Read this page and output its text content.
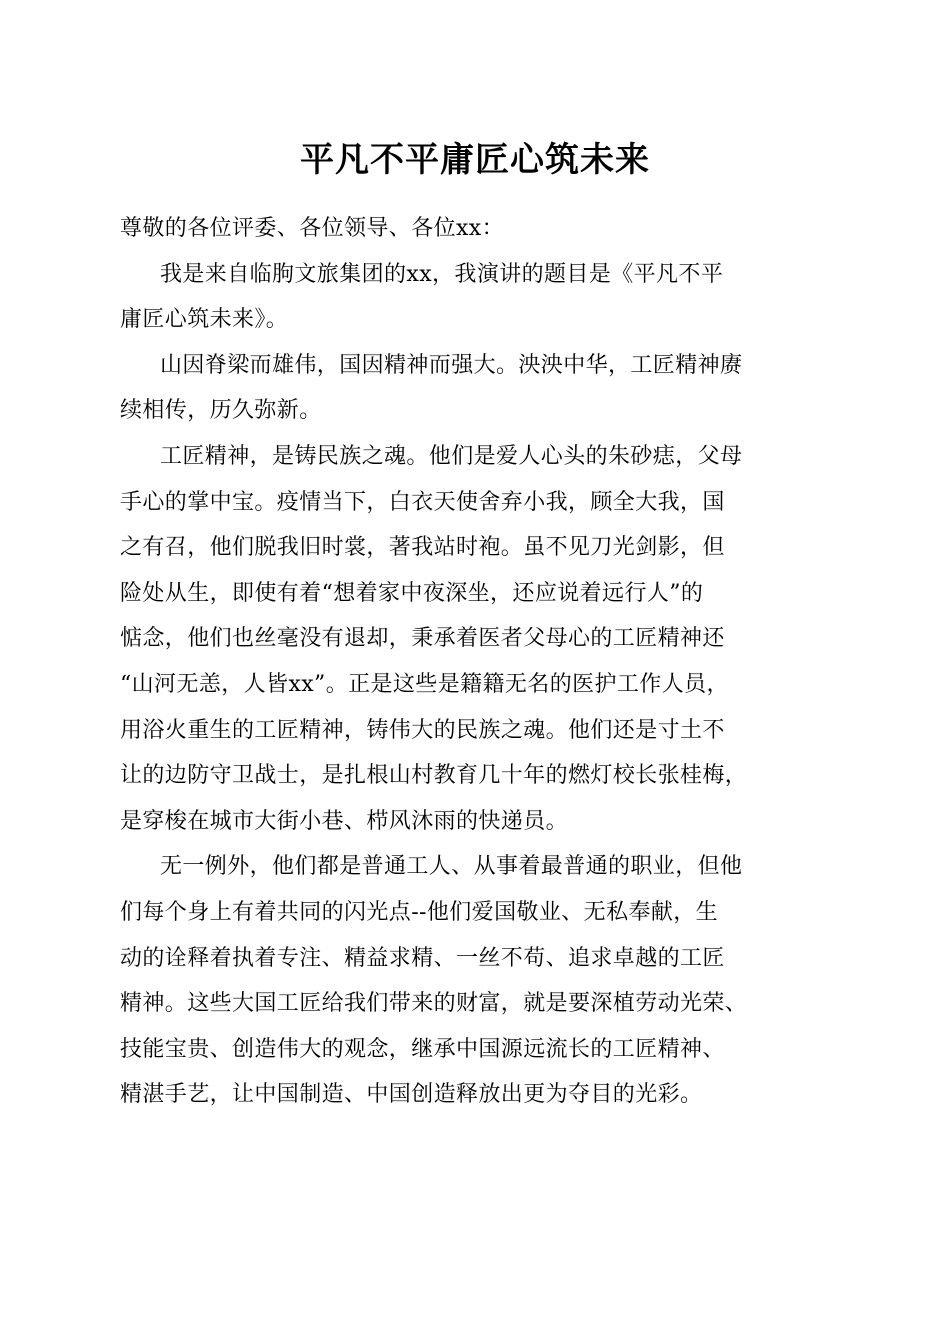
平凡不平庸匠心筑未来
尊敬的各位评委、各位领导、各位xx：
我是来自临朐文旅集团的xx，我演讲的题目是《平凡不平
庸匠心筑未来》。
山因脊梁而雄伟，国因精神而强大。泱泱中华，工匠精神赓
续相传，历久弥新。
工匠精神，是铸民族之魂。他们是爱人心头的朱砂痣，父母
手心的掌中宝。疫情当下，白衣天使舍弃小我，顾全大我，国
之有召，他们脱我旧时裳，著我站时袍。虽不见刀光剑影，但
险处从生，即使有着“想着家中夜深坐，还应说着远行人”的
惦念，他们也丝毫没有退却，秉承着医者父母心的工匠精神还
“山河无恙，人皆xx”。正是这些是籍籍无名的医护工作人员，
用浴火重生的工匠精神，铸伟大的民族之魂。他们还是寸土不
让的边防守卫战士，是扎根山村教育几十年的燃灯校长张桂梅，
是穿梭在城市大街小巷、栉风沐雨的快递员。
无一例外，他们都是普通工人、从事着最普通的职业，但他
们每个身上有着共同的闪光点--他们爱国敬业、无私奉献，生
动的诠释着执着专注、精益求精、一丝不苟、追求卓越的工匠
精神。这些大国工匠给我们带来的财富，就是要深植劳动光荣、
技能宝贵、创造伟大的观念，继承中国源远流长的工匠精神、
精湛手艺，让中国制造、中国创造释放出更为夺目的光彩。
